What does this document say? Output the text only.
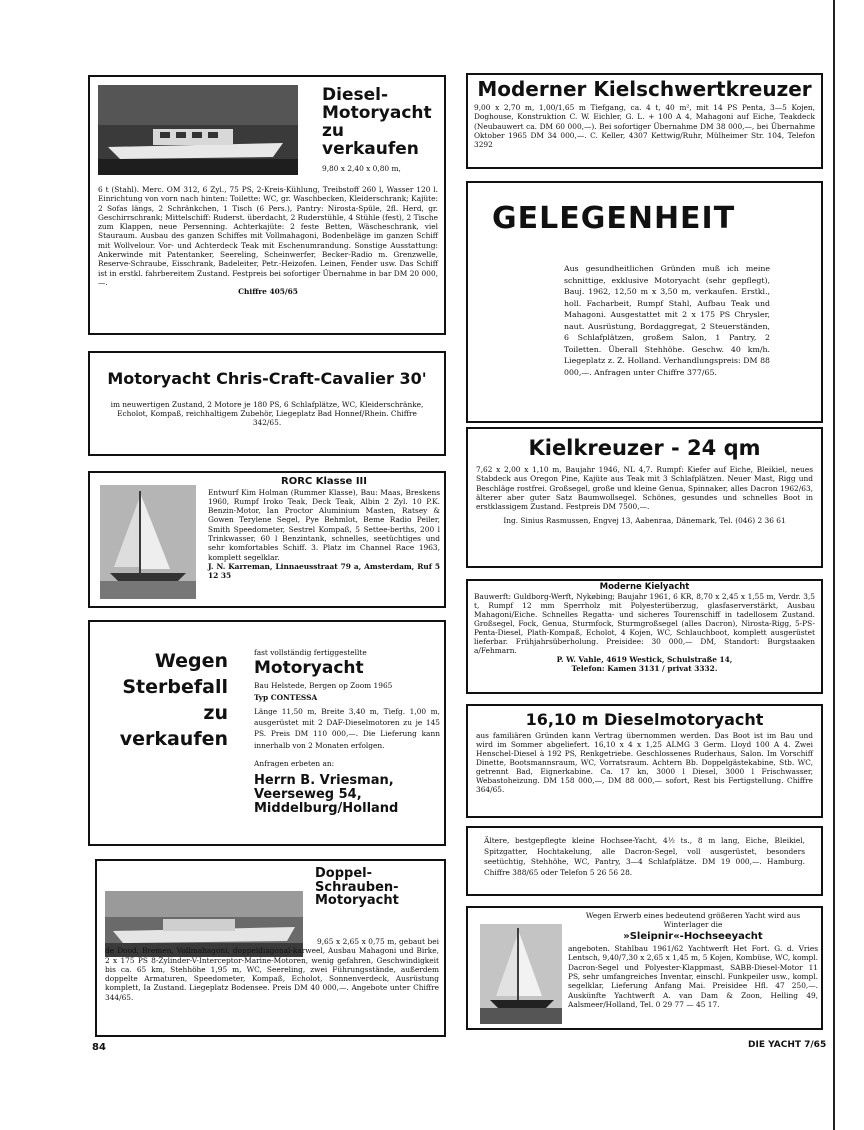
Diesel-
Motoryacht
zu verkaufen
9,80 x 2,40 x 0,80 m,

6 t (Stahl). Merc. OM 312, 6 Zyl., 75 PS, 2-Kreis-Kühlung, Treibstoff 260 l, Wasser 120 l. Einrichtung von vorn nach hinten: Toilette: WC, gr. Waschbecken, Kleiderschrank; Kajüte: 2 Sofas längs, 2 Schränkchen, 1 Tisch (6 Pers.), Pantry: Nirosta-Spüle, 2fl. Herd, gr. Geschirrschrank; Mittelschiff: Ruderst. überdacht, 2 Ruderstühle, 4 Stühle (fest), 2 Tische zum Klappen, neue Persenning. Achterkajüte: 2 feste Betten, Wäscheschrank, viel Stauraum. Ausbau des ganzen Schiffes mit Vollmahagoni, Bodenbeläge im ganzen Schiff mit Wollvelour. Vor- und Achterdeck Teak mit Eschenumrandung. Sonstige Ausstattung: Ankerwinde mit Patentanker, Seereling, Scheinwerfer, Becker-Radio m. Grenzwelle, Reserve-Schraube, Eisschrank, Badeleiter, Petr.-Heizofen. Leinen, Fender usw. Das Schiff ist in erstkl. fahrbereitem Zustand. Festpreis bei sofortiger Übernahme in bar DM 20 000,—.

Chiffre 405/65

Motoryacht Chris-Craft-Cavalier 30'

im neuwertigen Zustand, 2 Motore je 180 PS, 6 Schlafplätze, WC, Kleiderschränke, Echolot, Kompaß, reichhaltigem Zubehör, Liegeplatz Bad Honnef/Rhein. Chiffre 342/65.

RORC Klasse III

Entwurf Kim Holman (Rummer Klasse), Bau: Maas, Breskens 1960, Rumpf Iroko Teak, Deck Teak, Albin 2 Zyl. 10 P.K. Benzin-Motor, Ian Proctor Aluminium Masten, Ratsey & Gowen Terylene Segel, Pye Behmlot, Beme Radio Peiler, Smith Speedometer, Sestrel Kompaß, 5 Settee-berths, 200 l Trinkwasser, 60 l Benzintank, schnelles, seetüchtiges und sehr komfortables Schiff. 3. Platz im Channel Race 1963, komplett segelklar.

J. N. Karreman, Linnaeusstraat 79 a, Amsterdam, Ruf 5 12 35

Wegen
Sterbefall
zu
verkaufen

fast vollständig fertiggestellte

Motoryacht

Bau Helstede, Bergen op Zoom 1965

Typ CONTESSA

Länge 11,50 m, Breite 3,40 m, Tiefg. 1,00 m, ausgerüstet mit 2 DAF-Dieselmotoren zu je 145 PS. Preis DM 110 000,—. Die Lieferung kann innerhalb von 2 Monaten erfolgen.

Anfragen erbeten an:

Herrn B. Vriesman,
Veerseweg 54,
Middelburg/Holland
Doppel-Schrauben-
Motoryacht

9,65 x 2,65 x 0,75 m, gebaut bei de Dood, Bremen, Vollmahagoni, doppeldiagonal-karweel, Ausbau Mahagoni und Birke, 2 x 175 PS 8-Zylinder-V-Interceptor-Marine-Motoren, wenig gefahren, Geschwindigkeit bis ca. 65 km, Stehhöhe 1,95 m, WC, Seereling, zwei Führungsstände, außerdem doppelte Armaturen, Speedometer, Kompaß, Echolot, Sonnenverdeck, Ausrüstung komplett, Ia Zustand. Liegeplatz Bodensee. Preis DM 40 000,—. Angebote unter Chiffre 344/65.

Moderner Kielschwertkreuzer

9,00 x 2,70 m, 1,00/1,65 m Tiefgang, ca. 4 t, 40 m², mit 14 PS Penta, 3—5 Kojen, Doghouse, Konstruktion C. W. Eichler, G. L. + 100 A 4, Mahagoni auf Eiche, Teakdeck (Neubauwert ca. DM 60 000,—). Bei sofortiger Übernahme DM 38 000,—, bei Übernahme Oktober 1965 DM 34 000,—. C. Keller, 4307 Kettwig/Ruhr, Mülheimer Str. 104, Telefon 3292

GELEGENHEIT

Aus gesundheitlichen Gründen muß ich meine schnittige, exklusive Motoryacht (sehr gepflegt), Bauj. 1962, 12,50 m x 3,50 m, verkaufen. Erstkl., holl. Facharbeit, Rumpf Stahl, Aufbau Teak und Mahagoni. Ausgestattet mit 2 x 175 PS Chrysler, naut. Ausrüstung, Bordaggregat, 2 Steuerständen, 6 Schlafplätzen, großem Salon, 1 Pantry, 2 Toiletten. Überall Stehhöhe. Geschw. 40 km/h. Liegeplatz z. Z. Holland. Verhandlungspreis: DM 88 000,—. Anfragen unter Chiffre 377/65.

Kielkreuzer - 24 qm

7,62 x 2,00 x 1,10 m, Baujahr 1946, NL 4,7. Rumpf: Kiefer auf Eiche, Bleikiel, neues Stabdeck aus Oregon Pine, Kajüte aus Teak mit 3 Schlafplätzen. Neuer Mast, Rigg und Beschläge rostfrei. Großsegel, große und kleine Genua, Spinnaker, alles Dacron 1962/63, älterer aber guter Satz Baumwollsegel. Schönes, gesundes und schnelles Boot in erstklassigem Zustand. Festpreis DM 7500,—.

Ing. Sinius Rasmussen, Engvej 13, Aabenraa, Dänemark, Tel. (046) 2 36 61

Moderne Kielyacht

Bauwerft: Guldborg-Werft, Nykøbing; Baujahr 1961, 6 KR, 8,70 x 2,45 x 1,55 m, Verdr. 3,5 t, Rumpf 12 mm Sperrholz mit Polyesterüberzug, glasfaserverstärkt, Ausbau Mahagoni/Eiche. Schnelles Regatta- und sicheres Tourenschiff in tadellosem Zustand. Großsegel, Fock, Genua, Sturmfock, Sturmgroßsegel (alles Dacron), Nirosta-Rigg, 5-PS-Penta-Diesel, Plath-Kompaß, Echolot, 4 Kojen, WC, Schlauchboot, komplett ausgerüstet lieferbar. Frühjahrsüberholung. Preisidee: 30 000,— DM, Standort: Burgstaaken a/Fehmarn.

P. W. Vahle, 4619 Westick, Schulstraße 14,

Telefon: Kamen 3131 / privat 3332.

16,10 m Dieselmotoryacht

aus familiären Gründen kann Vertrag übernommen werden. Das Boot ist im Bau und wird im Sommer abgeliefert. 16,10 x 4 x 1,25 ALMG 3 Germ. Lloyd 100 A 4. Zwei Henschel-Diesel à 192 PS, Renkgetriebe. Geschlossenes Ruderhaus, Salon. Im Vorschiff Dinette, Bootsmannsraum, WC, Vorratsraum. Achtern Bb. Doppelgästekabine, Stb. WC, getrennt Bad, Eignerkabine. Ca. 17 kn, 3000 l Diesel, 3000 l Frischwasser, Webastoheizung. DM 158 000,—, DM 88 000,— sofort, Rest bis Fertigstellung. Chiffre 364/65.

Ältere, bestgepflegte kleine Hochsee-Yacht, 4½ ts., 8 m lang, Eiche, Bleikiel, Spitzgatter, Hochtakelung, alle Dacron-Segel, voll ausgerüstet, besonders seetüchtig, Stehhöhe, WC, Pantry, 3—4 Schlafplätze. DM 19 000,—. Hamburg. Chiffre 388/65 oder Telefon 5 26 56 28.

Wegen Erwerb eines bedeutend größeren Yacht wird aus Winterlager die

»Sleipnir«-Hochseeyacht

angeboten. Stahlbau 1961/62 Yachtwerft Het Fort. G. d. Vries Lentsch, 9,40/7,30 x 2,65 x 1,45 m, 5 Kojen, Kombüse, WC, kompl. Dacron-Segel und Polyester-Klappmast, SABB-Diesel-Motor 11 PS, sehr umfangreiches Inventar, einschl. Funkpeiler usw., kompl. segelklar, Lieferung Anfang Mai. Preisidee Hfl. 47 250,—. Auskünfte Yachtwerft A. van Dam & Zoon, Helling 49, Aalsmeer/Holland, Tel. 0 29 77 — 45 17.

84	DIE YACHT 7/65
